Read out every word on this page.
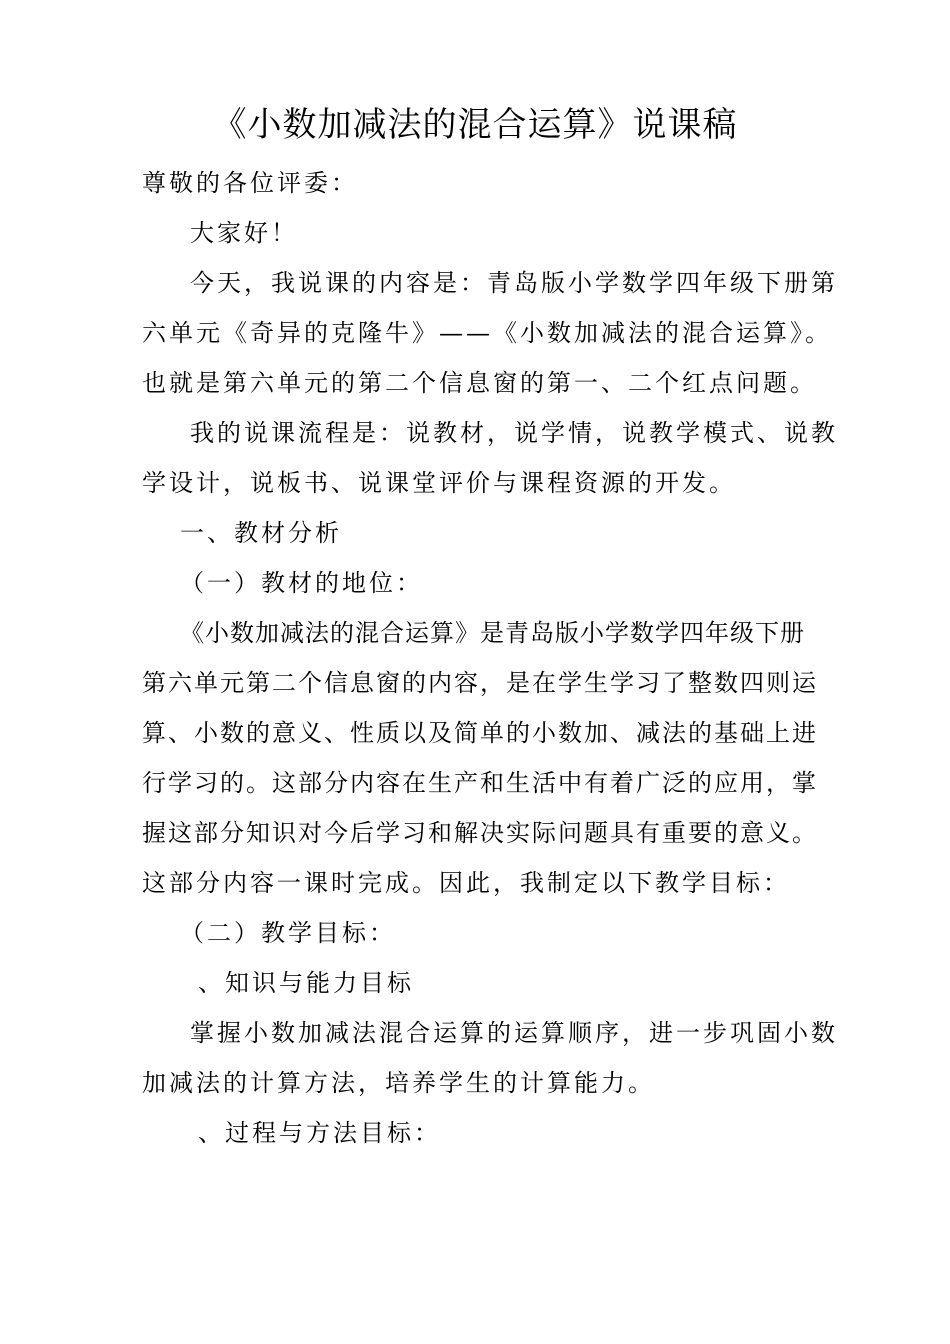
《小数加减法的混合运算》说课稿
尊敬的各位评委：
大家好！
今天，我说课的内容是：青岛版小学数学四年级下册第
六单元《奇异的克隆牛》——《小数加减法的混合运算》。
也就是第六单元的第二个信息窗的第一、二个红点问题。
我的说课流程是：说教材，说学情，说教学模式、说教
学设计，说板书、说课堂评价与课程资源的开发。
一、教材分析
（一）教材的地位：
《小数加减法的混合运算》是青岛版小学数学四年级下册
第六单元第二个信息窗的内容，是在学生学习了整数四则运
算、小数的意义、性质以及简单的小数加、减法的基础上进
行学习的。这部分内容在生产和生活中有着广泛的应用，掌
握这部分知识对今后学习和解决实际问题具有重要的意义。
这部分内容一课时完成。因此，我制定以下教学目标：
（二）教学目标：
、知识与能力目标
掌握小数加减法混合运算的运算顺序，进一步巩固小数
加减法的计算方法，培养学生的计算能力。
、过程与方法目标：
